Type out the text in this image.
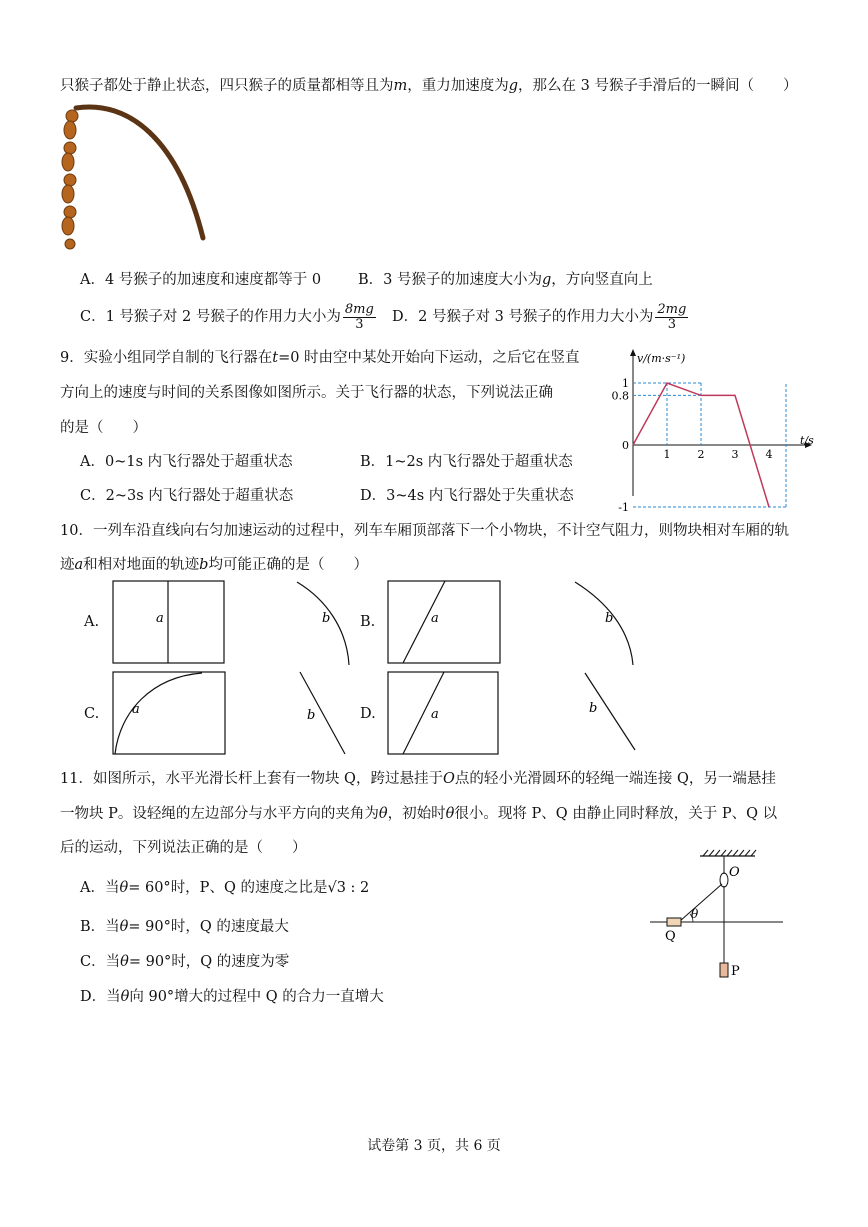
只猴子都处于静止状态，四只猴子的质量都相等且为m，重力加速度为g，那么在 3 号猴子手滑后的一瞬间（　　）
A．4 号猴子的加速度和速度都等于 0	B．3 号猴子的加速度大小为g，方向竖直向上
C．1 号猴子对 2 号猴子的作用力大小为 $\frac{8mg}{3}$ D．2 号猴子对 3 号猴子的作用力大小为 $\frac{2mg}{3}$
9．实验小组同学自制的飞行器在t=0 时由空中某处开始向下运动，之后它在竖直
方向上的速度与时间的关系图像如图所示。关于飞行器的状态，下列说法正确
的是（　　）
A．0~1s 内飞行器处于超重状态	B．1~2s 内飞行器处于超重状态
C．2~3s 内飞行器处于超重状态	D．3~4s 内飞行器处于失重状态
v/(m·s⁻¹)
t/s
0
1 2 3 4
1
0.8
-1
10．一列车沿直线向右匀加速运动的过程中，列车车厢顶部落下一个小物块，不计空气阻力，则物块相对车厢的轨
迹a和相对地面的轨迹b均可能正确的是（　　）
A.	a	b B.	a	b
C.	a	b	D.	a	b
11．如图所示，水平光滑长杆上套有一物块 Q，跨过悬挂于O点的轻小光滑圆环的轻绳一端连接 Q，另一端悬挂
一物块 P。设轻绳的左边部分与水平方向的夹角为θ，初始时θ很小。现将 P、Q 由静止同时释放，关于 P、Q 以
后的运动，下列说法正确的是（　　）
A．当θ= 60°时，P、Q 的速度之比是√3 : 2
B．当θ= 90°时，Q 的速度最大
C．当θ= 90°时，Q 的速度为零
D．当θ向 90°增大的过程中 Q 的合力一直增大
O
θ
Q
P
试卷第 3 页，共 6 页
